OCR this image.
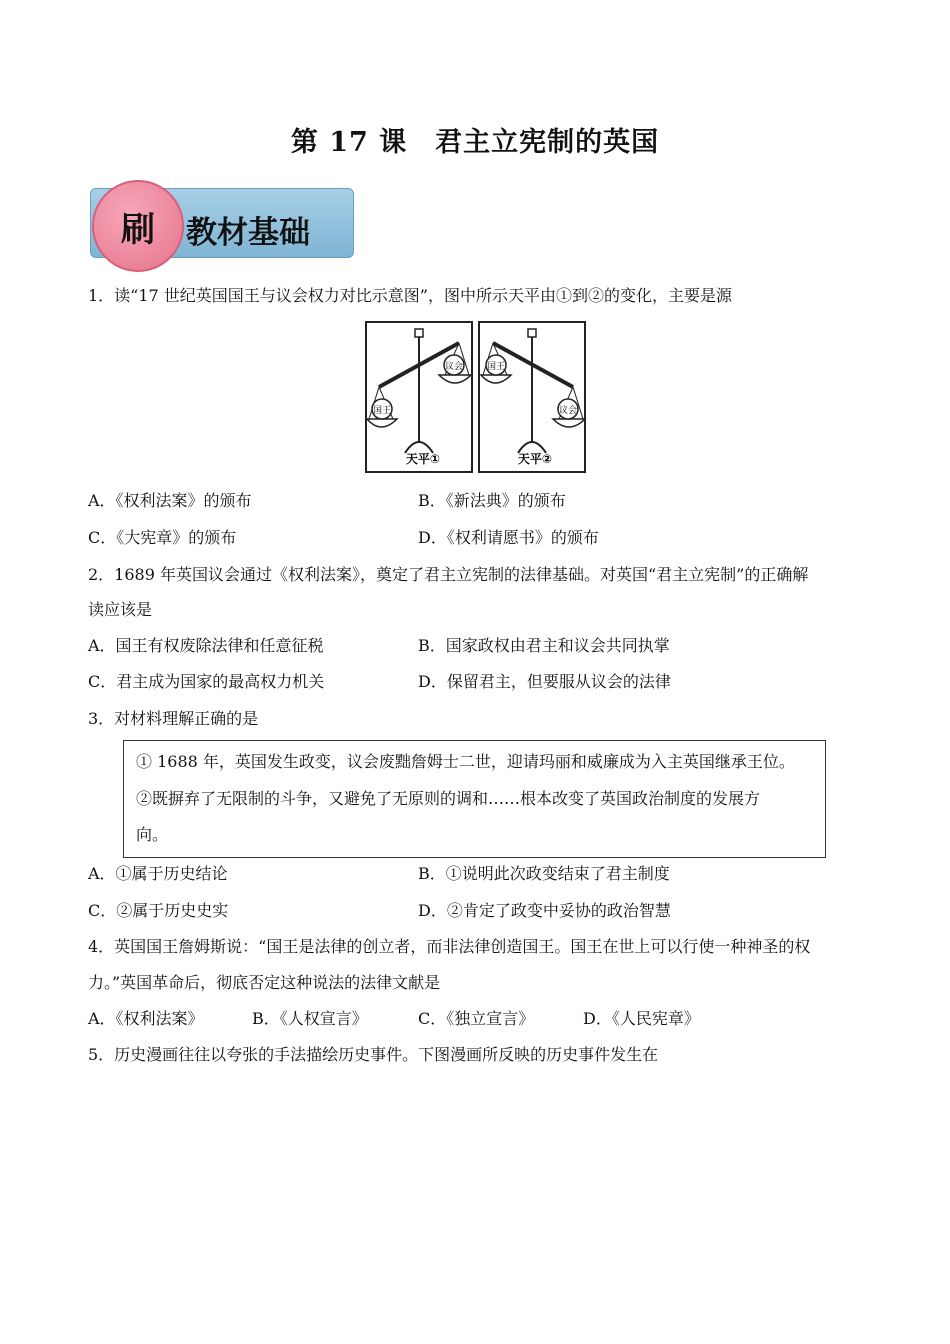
第 17 课　君主立宪制的英国
刷	教材基础
1．读“17 世纪英国国王与议会权力对比示意图”，图中所示天平由①到②的变化，主要是源
国王
议会
天平①
国王
议会
天平②
A．《权利法案》的颁布	B．《新法典》的颁布
C．《大宪章》的颁布	D．《权利请愿书》的颁布
2．1689 年英国议会通过《权利法案》，奠定了君主立宪制的法律基础。对英国“君主立宪制”的正确解
读应该是
A．国王有权废除法律和任意征税	B．国家政权由君主和议会共同执掌
C．君主成为国家的最高权力机关	D．保留君主，但要服从议会的法律
3．对材料理解正确的是
① 1688 年，英国发生政变，议会废黜詹姆士二世，迎请玛丽和威廉成为入主英国继承王位。
②既摒弃了无限制的斗争，又避免了无原则的调和……根本改变了英国政治制度的发展方
向。
A．①属于历史结论	B．①说明此次政变结束了君主制度
C．②属于历史史实	D．②肯定了政变中妥协的政治智慧
4．英国国王詹姆斯说：“国王是法律的创立者，而非法律创造国王。国王在世上可以行使一种神圣的权
力。”英国革命后，彻底否定这种说法的法律文献是
A．《权利法案》	B．《人权宣言》	C．《独立宣言》	D．《人民宪章》
5．历史漫画往往以夸张的手法描绘历史事件。下图漫画所反映的历史事件发生在
